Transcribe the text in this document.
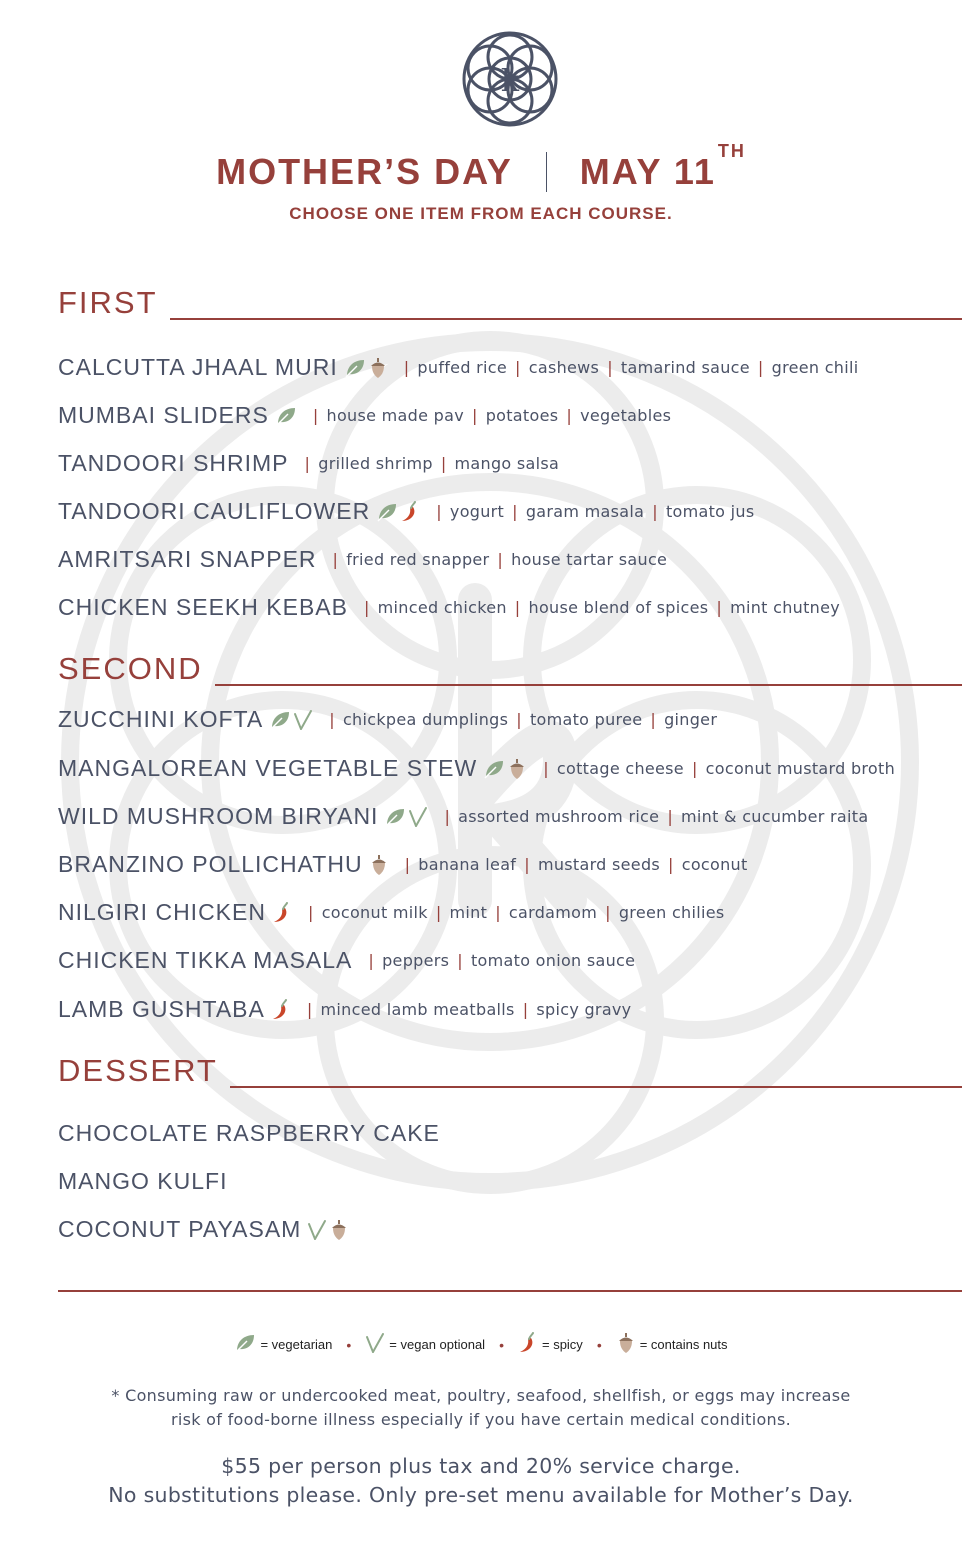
k
MOTHER’S DAY MAY 11 $^{TH}$
CHOOSE ONE ITEM FROM EACH COURSE.
FIRST
CALCUTTA JHAAL MURI	| puffed rice | cashews | tamarind sauce | green chili
MUMBAI SLIDERS	| house made pav | potatoes | vegetables
TANDOORI SHRIMP	| grilled shrimp | mango salsa
TANDOORI CAULIFLOWER	| yogurt | garam masala | tomato jus
AMRITSARI SNAPPER	| fried red snapper | house tartar sauce
CHICKEN SEEKH KEBAB	| minced chicken | house blend of spices | mint chutney
SECOND
ZUCCHINI KOFTA	| chickpea dumplings | tomato puree | ginger
MANGALOREAN VEGETABLE STEW	| cottage cheese | coconut mustard broth
WILD MUSHROOM BIRYANI	| assorted mushroom rice | mint & cucumber raita
BRANZINO POLLICHATHU	| banana leaf | mustard seeds | coconut
NILGIRI CHICKEN	| coconut milk | mint | cardamom | green chilies
CHICKEN TIKKA MASALA	| peppers | tomato onion sauce
LAMB GUSHTABA	| minced lamb meatballs | spicy gravy
DESSERT
CHOCOLATE RASPBERRY CAKE
MANGO KULFI
COCONUT PAYASAM
= vegetarian •	= vegan optional •	= spicy •	= contains nuts
* Consuming raw or undercooked meat, poultry, seafood, shellfish, or eggs may increase
risk of food-borne illness especially if you have certain medical conditions.
$55 per person plus tax and 20% service charge.
No substitutions please. Only pre-set menu available for Mother’s Day.
